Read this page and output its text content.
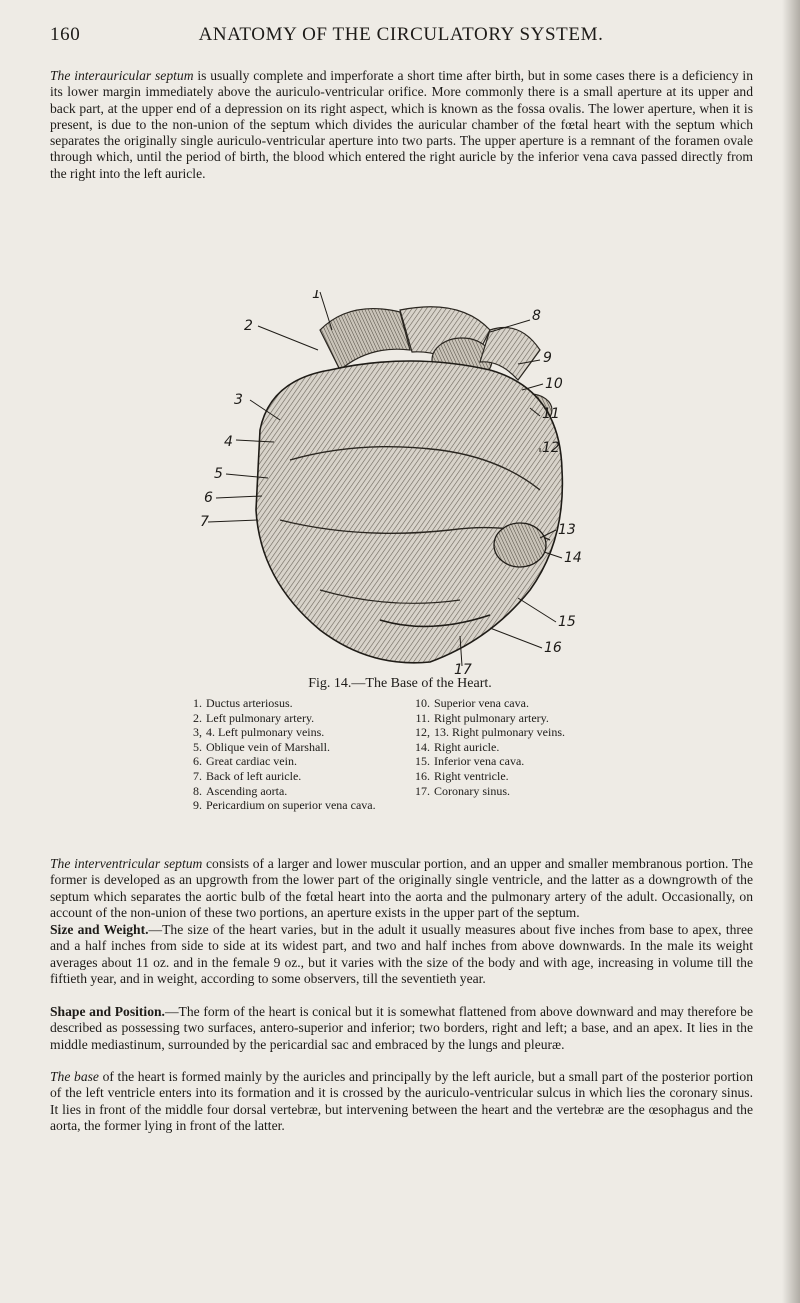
160	ANATOMY OF THE CIRCULATORY SYSTEM.

The interauricular septum is usually complete and imperforate a short time after birth, but in some cases there is a deficiency in its lower margin immediately above the auriculo-ventricular orifice. More commonly there is a small aperture at its upper and back part, at the upper end of a depression on its right aspect, which is known as the fossa ovalis. The lower aperture, when it is present, is due to the non-union of the septum which divides the auricular chamber of the fœtal heart with the septum which separates the originally single auriculo-ventricular aperture into two parts. The upper aperture is a remnant of the foramen ovale through which, until the period of birth, the blood which entered the right auricle by the inferior vena cava passed directly from the right into the left auricle.

1
2
3
4
5
6
7
8
9
10
11
12
13
14
15
16
17
Fig. 14.—The Base of the Heart.
1. Ductus arteriosus.
2. Left pulmonary artery.
3, 4. Left pulmonary veins.
5. Oblique vein of Marshall.
6. Great cardiac vein.
7. Back of left auricle.
8. Ascending aorta.
9. Pericardium on superior vena cava.
10. Superior vena cava.
11. Right pulmonary artery.
12, 13. Right pulmonary veins.
14. Right auricle.
15. Inferior vena cava.
16. Right ventricle.
17. Coronary sinus.

The interventricular septum consists of a larger and lower muscular portion, and an upper and smaller membranous portion. The former is developed as an upgrowth from the lower part of the originally single ventricle, and the latter as a downgrowth of the septum which separates the aortic bulb of the fœtal heart into the aorta and the pulmonary artery of the adult. Occasionally, on account of the non-union of these two portions, an aperture exists in the upper part of the septum.

Size and Weight.—The size of the heart varies, but in the adult it usually measures about five inches from base to apex, three and a half inches from side to side at its widest part, and two and half inches from above downwards. In the male its weight averages about 11 oz. and in the female 9 oz., but it varies with the size of the body and with age, increasing in volume till the fiftieth year, and in weight, according to some observers, till the seventieth year.

Shape and Position.—The form of the heart is conical but it is somewhat flattened from above downward and may therefore be described as possessing two surfaces, antero-superior and inferior; two borders, right and left; a base, and an apex. It lies in the middle mediastinum, surrounded by the pericardial sac and embraced by the lungs and pleuræ.

The base of the heart is formed mainly by the auricles and principally by the left auricle, but a small part of the posterior portion of the left ventricle enters into its formation and it is crossed by the auriculo-ventricular sulcus in which lies the coronary sinus. It lies in front of the middle four dorsal vertebræ, but intervening between the heart and the vertebræ are the œsophagus and the aorta, the former lying in front of the latter.
